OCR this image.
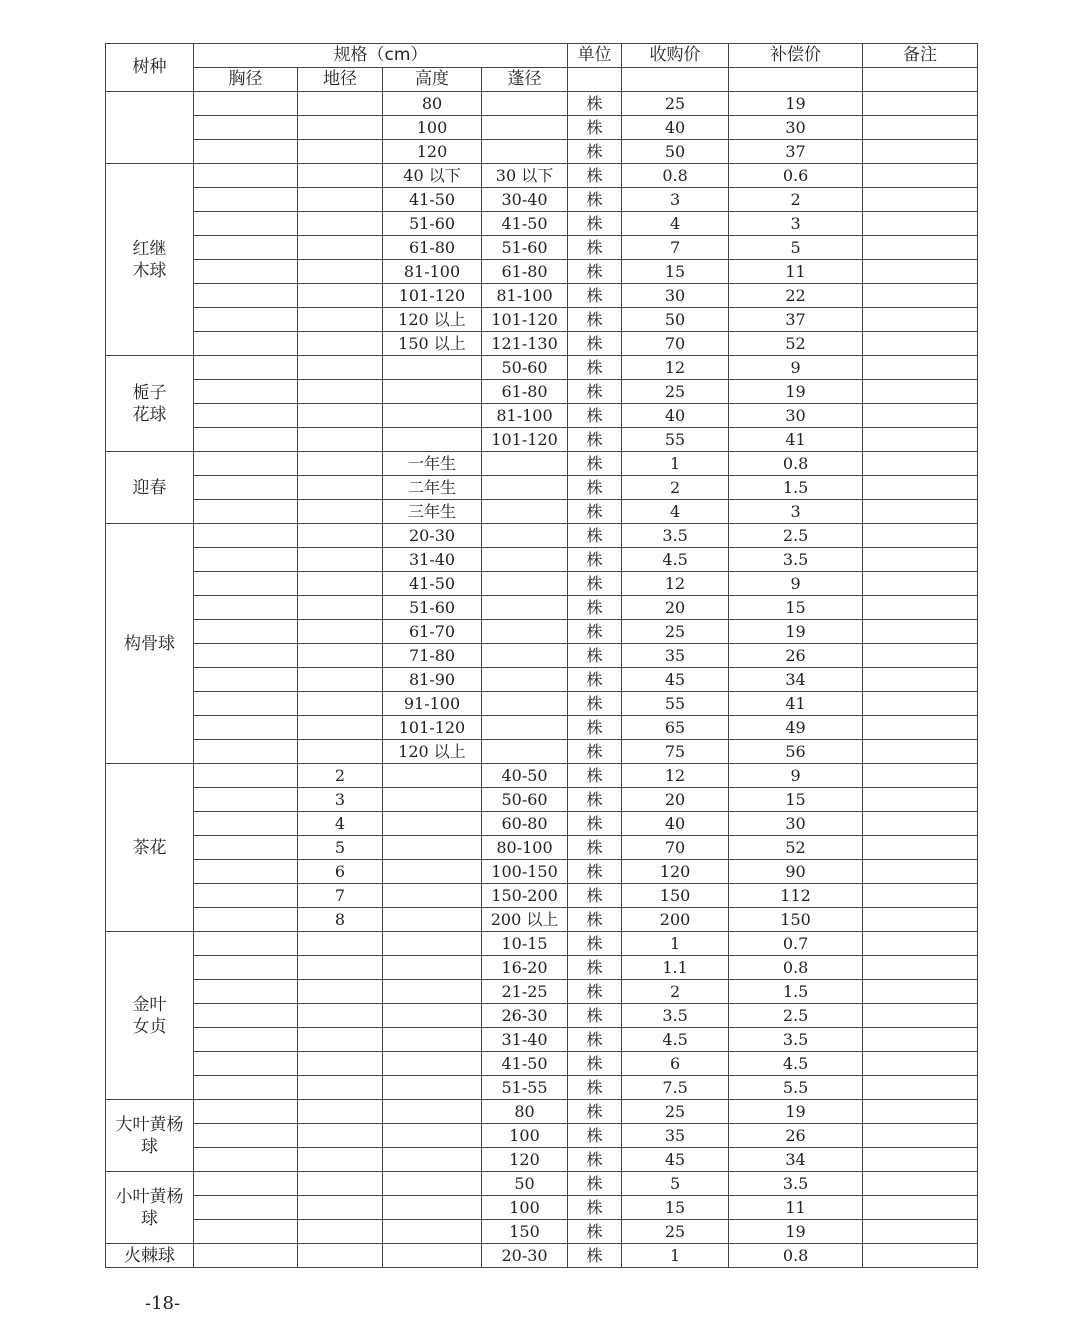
树种	规格（cm）				单位	收购价	补偿价	备注
	胸径	地径	高度	蓬径				
			80		株	25	19	
			100		株	40	30	
			120		株	50	37	
红继
木球			40 以下	30 以下	株	0.8	0.6	
			41-50	30-40	株	3	2	
			51-60	41-50	株	4	3	
			61-80	51-60	株	7	5	
			81-100	61-80	株	15	11	
			101-120	81-100	株	30	22	
			120 以上	101-120	株	50	37	
			150 以上	121-130	株	70	52	
栀子
花球				50-60	株	12	9	
				61-80	株	25	19	
				81-100	株	40	30	
				101-120	株	55	41	
迎春			一年生		株	1	0.8	
			二年生		株	2	1.5	
			三年生		株	4	3	
构骨球			20-30		株	3.5	2.5	
			31-40		株	4.5	3.5	
			41-50		株	12	9	
			51-60		株	20	15	
			61-70		株	25	19	
			71-80		株	35	26	
			81-90		株	45	34	
			91-100		株	55	41	
			101-120		株	65	49	
			120 以上		株	75	56	
茶花		2		40-50	株	12	9	
		3		50-60	株	20	15	
		4		60-80	株	40	30	
		5		80-100	株	70	52	
		6		100-150	株	120	90	
		7		150-200	株	150	112	
		8		200 以上	株	200	150	
金叶
女贞				10-15	株	1	0.7	
				16-20	株	1.1	0.8	
				21-25	株	2	1.5	
				26-30	株	3.5	2.5	
				31-40	株	4.5	3.5	
				41-50	株	6	4.5	
				51-55	株	7.5	5.5	
大叶黄杨
球				80	株	25	19	
				100	株	35	26	
				120	株	45	34	
小叶黄杨
球				50	株	5	3.5	
				100	株	15	11	
				150	株	25	19	
火棘球				20-30	株	1	0.8	
-18-
